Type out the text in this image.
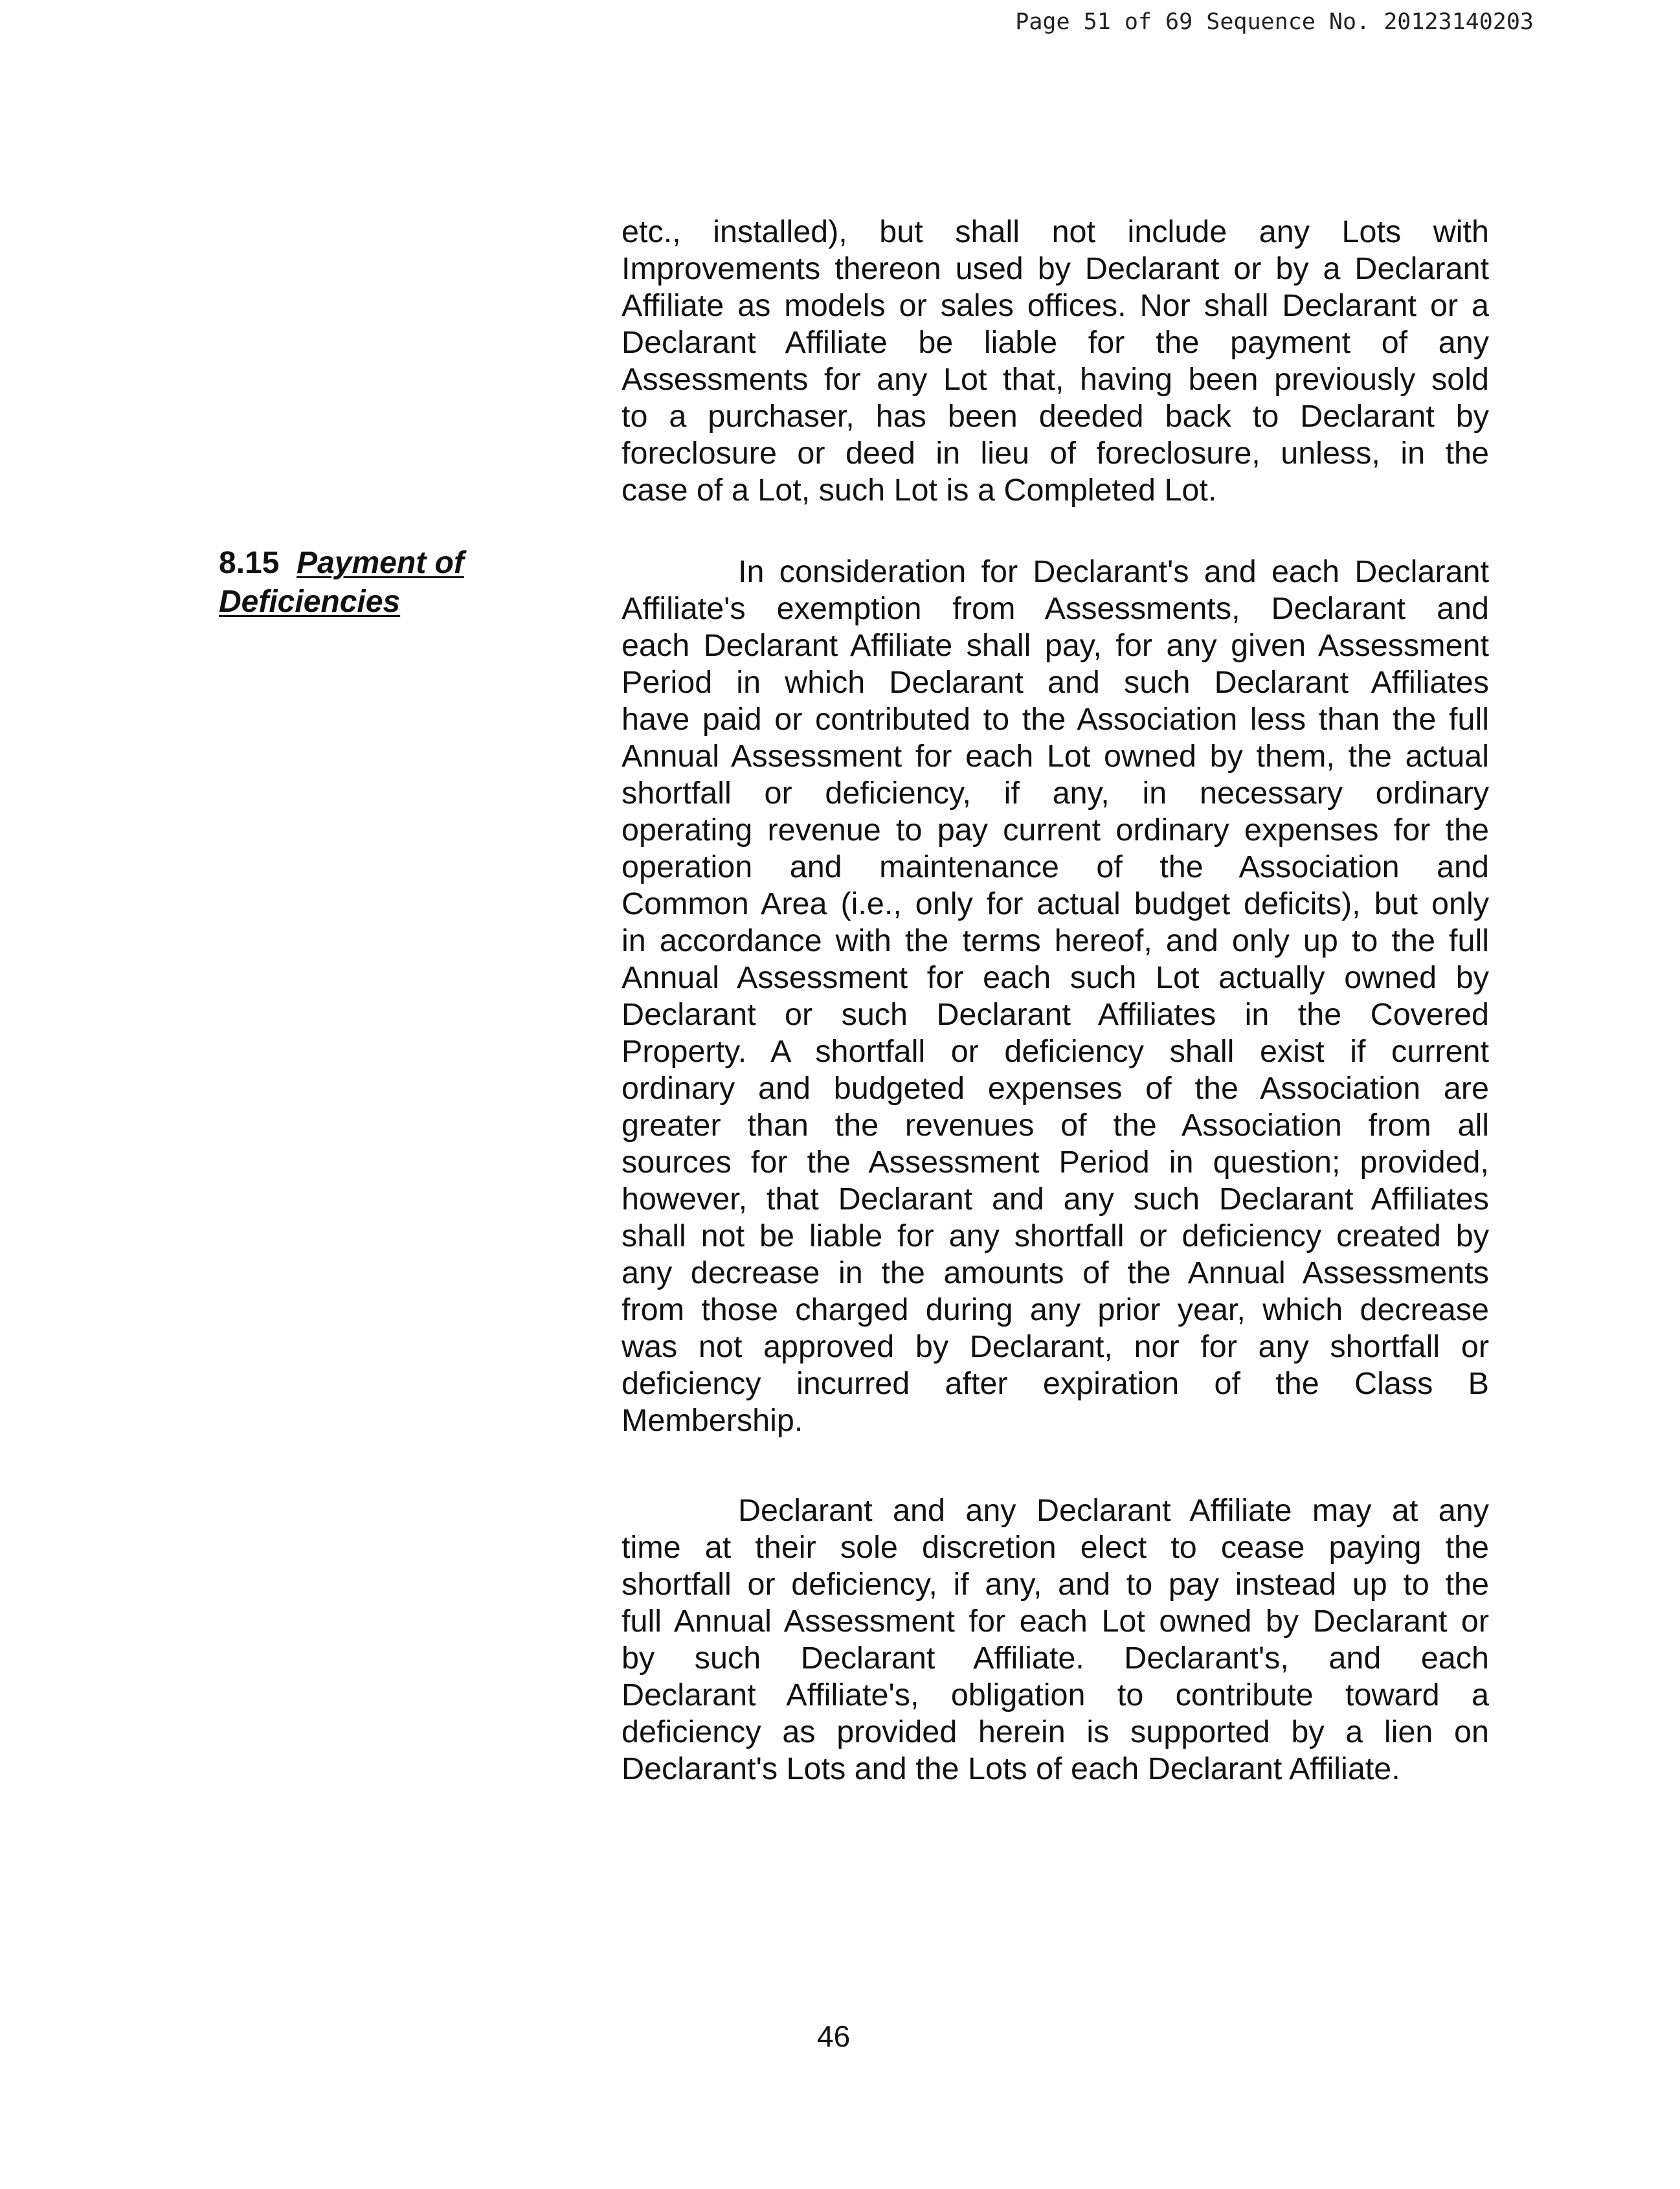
Page 51 of 69 Sequence No. 20123140203
8.15 Payment of
Deficiencies

etc., installed), but shall not include any Lots with

Improvements thereon used by Declarant or by a Declarant

Affiliate as models or sales offices. Nor shall Declarant or a

Declarant Affiliate be liable for the payment of any

Assessments for any Lot that, having been previously sold

to a purchaser, has been deeded back to Declarant by

foreclosure or deed in lieu of foreclosure, unless, in the

case of a Lot, such Lot is a Completed Lot.

In consideration for Declarant's and each Declarant

Affiliate's exemption from Assessments, Declarant and

each Declarant Affiliate shall pay, for any given Assessment

Period in which Declarant and such Declarant Affiliates

have paid or contributed to the Association less than the full

Annual Assessment for each Lot owned by them, the actual

shortfall or deficiency, if any, in necessary ordinary

operating revenue to pay current ordinary expenses for the

operation and maintenance of the Association and

Common Area (i.e., only for actual budget deficits), but only

in accordance with the terms hereof, and only up to the full

Annual Assessment for each such Lot actually owned by

Declarant or such Declarant Affiliates in the Covered

Property. A shortfall or deficiency shall exist if current

ordinary and budgeted expenses of the Association are

greater than the revenues of the Association from all

sources for the Assessment Period in question; provided,

however, that Declarant and any such Declarant Affiliates

shall not be liable for any shortfall or deficiency created by

any decrease in the amounts of the Annual Assessments

from those charged during any prior year, which decrease

was not approved by Declarant, nor for any shortfall or

deficiency incurred after expiration of the Class B

Membership.

Declarant and any Declarant Affiliate may at any

time at their sole discretion elect to cease paying the

shortfall or deficiency, if any, and to pay instead up to the

full Annual Assessment for each Lot owned by Declarant or

by such Declarant Affiliate. Declarant's, and each

Declarant Affiliate's, obligation to contribute toward a

deficiency as provided herein is supported by a lien on

Declarant's Lots and the Lots of each Declarant Affiliate.

46
